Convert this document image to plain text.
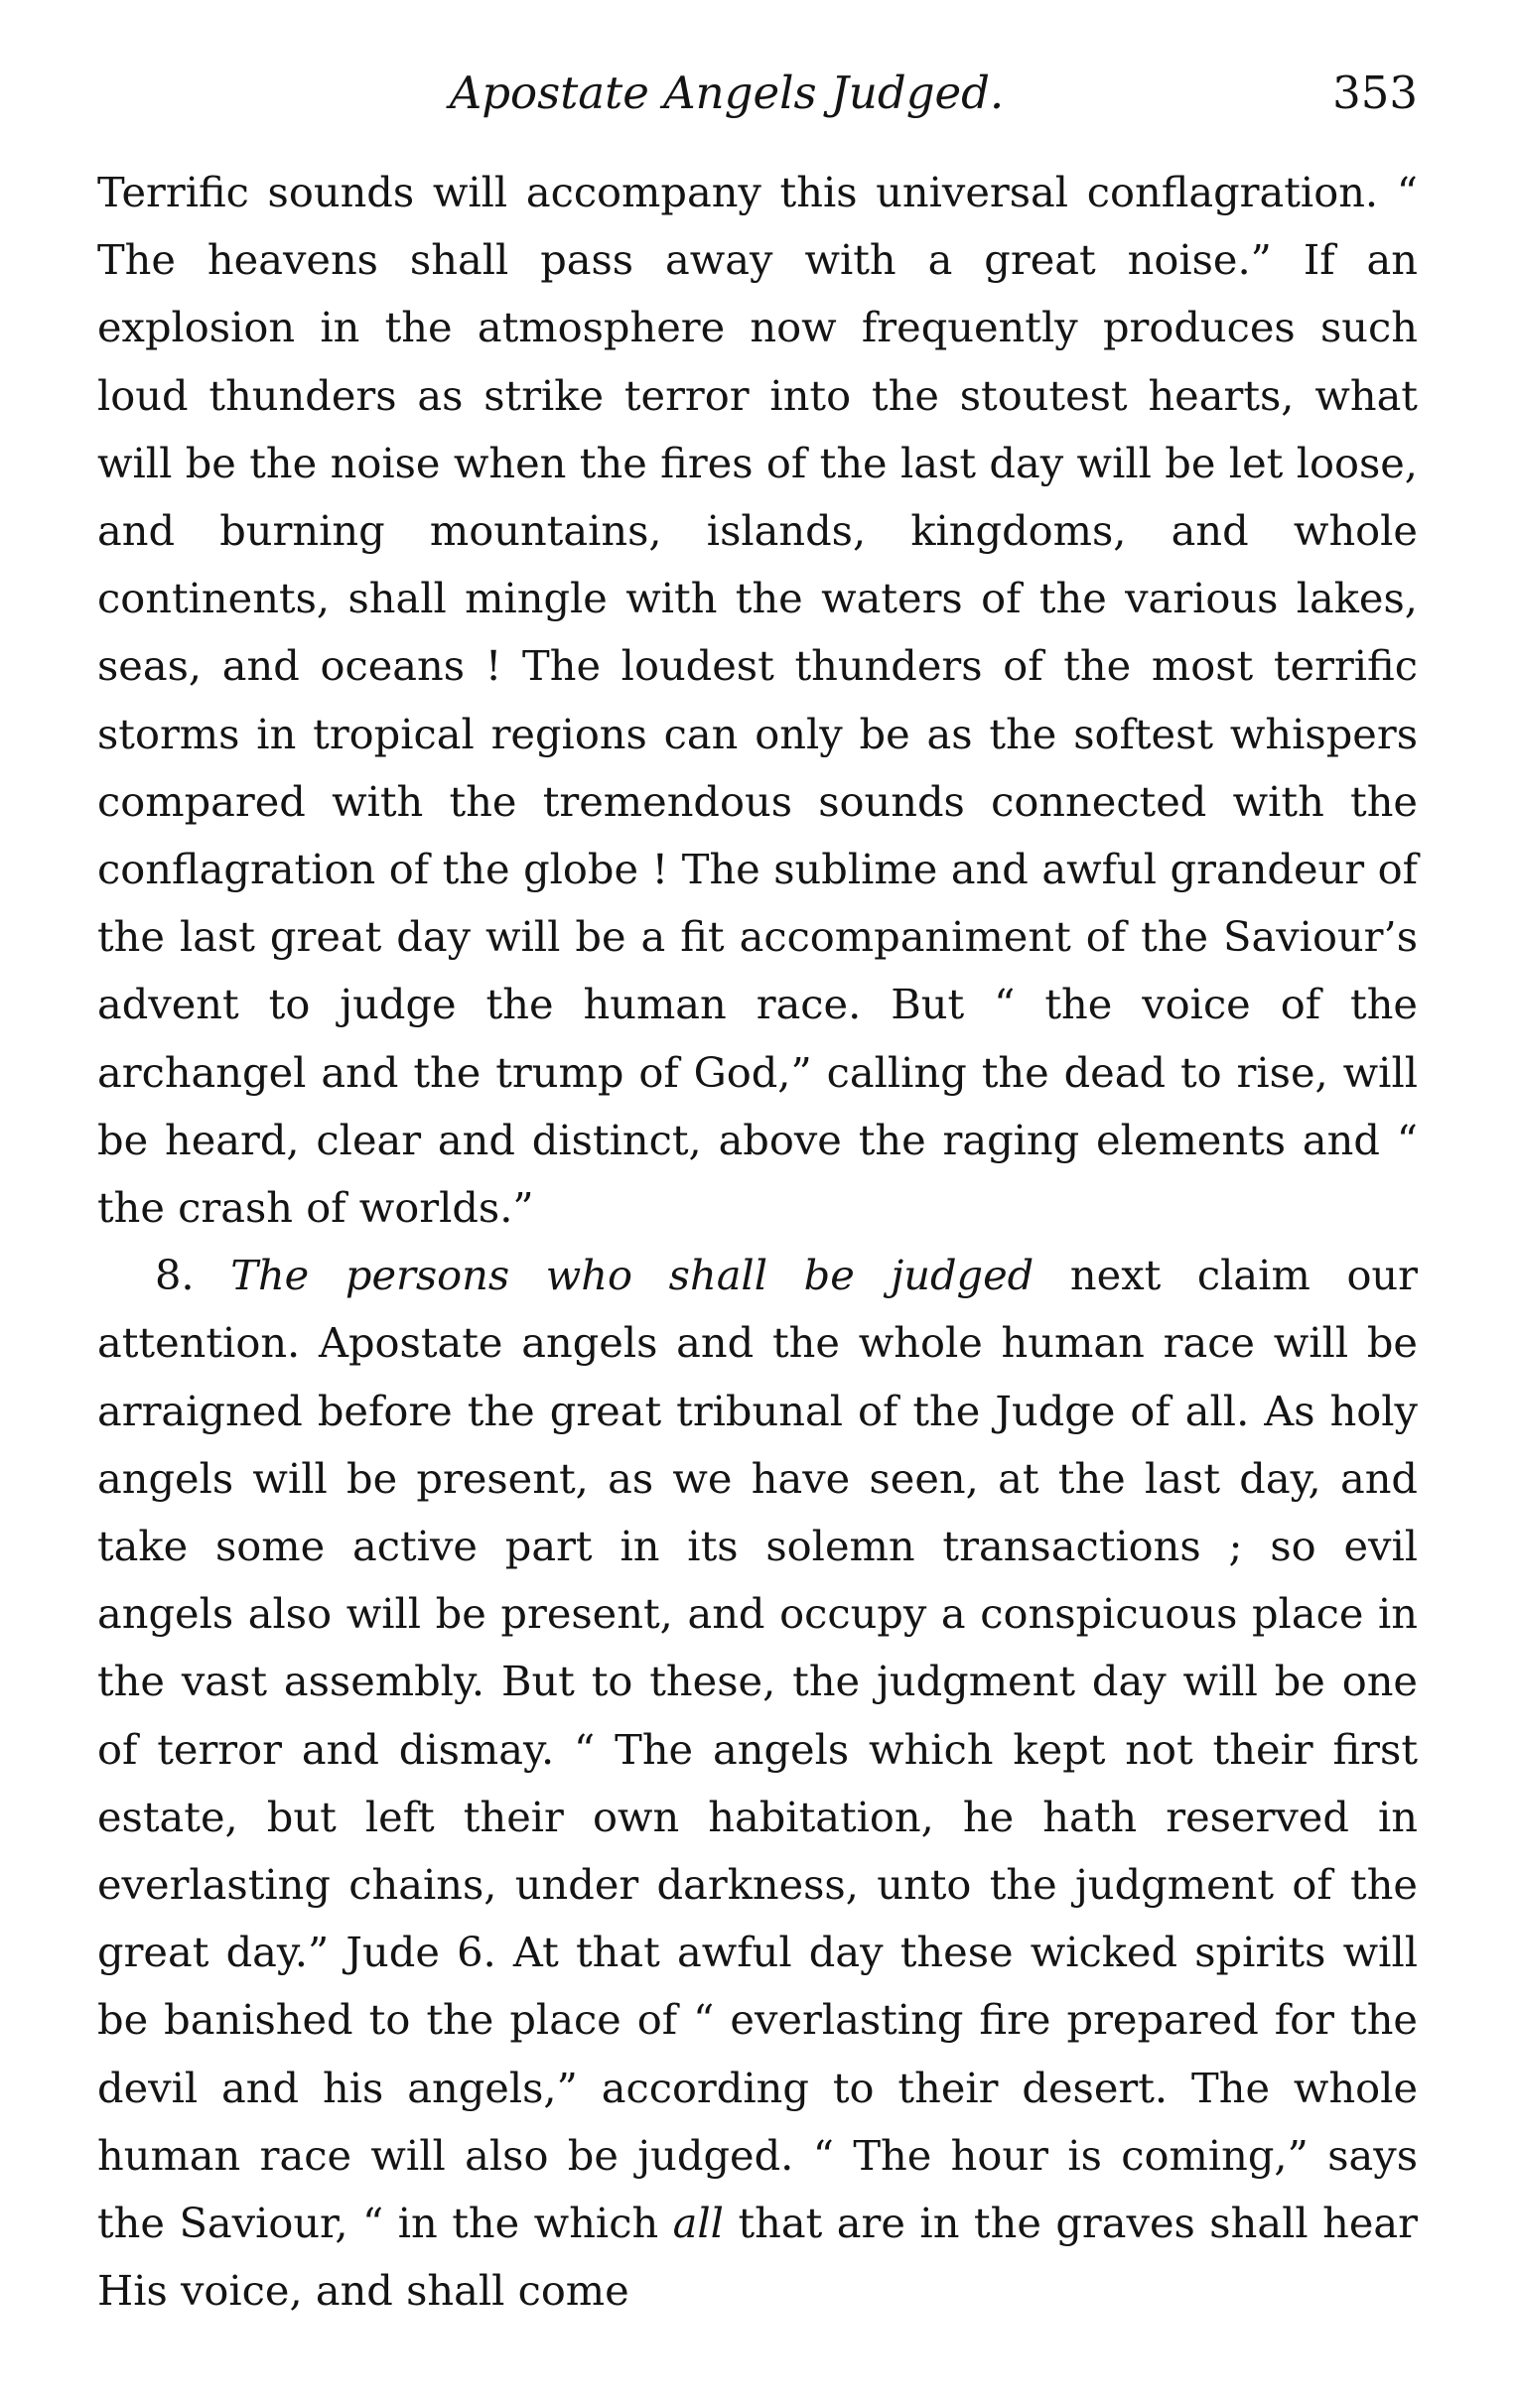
Apostate Angels Judged.	353

Terrific sounds will accompany this universal conflagration. “ The heavens shall pass away with a great noise.” If an explosion in the atmosphere now frequently produces such loud thunders as strike terror into the stoutest hearts, what will be the noise when the fires of the last day will be let loose, and burning mountains, islands, kingdoms, and whole continents, shall mingle with the waters of the various lakes, seas, and oceans ! The loudest thunders of the most terrific storms in tropical regions can only be as the softest whispers compared with the tremendous sounds connected with the conflagration of the globe ! The sublime and awful grandeur of the last great day will be a fit accompaniment of the Saviour’s advent to judge the human race. But “ the voice of the archangel and the trump of God,” calling the dead to rise, will be heard, clear and distinct, above the raging elements and “ the crash of worlds.”

8. The persons who shall be judged next claim our attention. Apostate angels and the whole human race will be arraigned before the great tribunal of the Judge of all. As holy angels will be present, as we have seen, at the last day, and take some active part in its solemn transactions ; so evil angels also will be present, and occupy a conspicuous place in the vast assembly. But to these, the judgment day will be one of terror and dismay. “ The angels which kept not their first estate, but left their own habitation, he hath reserved in everlasting chains, under darkness, unto the judgment of the great day.” Jude 6. At that awful day these wicked spirits will be banished to the place of “ everlasting fire prepared for the devil and his angels,” according to their desert. The whole human race will also be judged. “ The hour is coming,” says the Saviour, “ in the which all that are in the graves shall hear His voice, and shall come
